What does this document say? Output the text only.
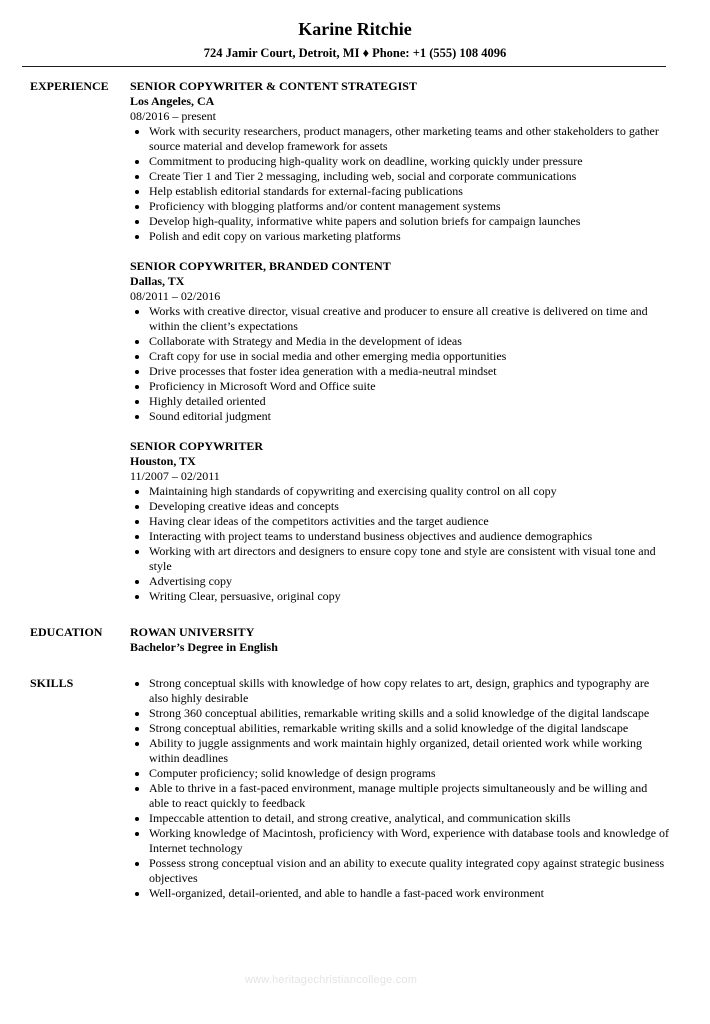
Karine Ritchie
724 Jamir Court, Detroit, MI ♦ Phone: +1 (555) 108 4096
EXPERIENCE	SENIOR COPYWRITER & CONTENT STRATEGIST
Los Angeles, CA
08/2016 – present
• Work with security researchers, product managers, other marketing teams and other stakeholders to gather source material and develop framework for assets
• Commitment to producing high-quality work on deadline, working quickly under pressure
• Create Tier 1 and Tier 2 messaging, including web, social and corporate communications
• Help establish editorial standards for external-facing publications
• Proficiency with blogging platforms and/or content management systems
• Develop high-quality, informative white papers and solution briefs for campaign launches
• Polish and edit copy on various marketing platforms
SENIOR COPYWRITER, BRANDED CONTENT
Dallas, TX
08/2011 – 02/2016
• Works with creative director, visual creative and producer to ensure all creative is delivered on time and within the client’s expectations
• Collaborate with Strategy and Media in the development of ideas
• Craft copy for use in social media and other emerging media opportunities
• Drive processes that foster idea generation with a media-neutral mindset
• Proficiency in Microsoft Word and Office suite
• Highly detailed oriented
• Sound editorial judgment
SENIOR COPYWRITER
Houston, TX
11/2007 – 02/2011
• Maintaining high standards of copywriting and exercising quality control on all copy
• Developing creative ideas and concepts
• Having clear ideas of the competitors activities and the target audience
• Interacting with project teams to understand business objectives and audience demographics
• Working with art directors and designers to ensure copy tone and style are consistent with visual tone and style
• Advertising copy
• Writing Clear, persuasive, original copy
EDUCATION	ROWAN UNIVERSITY
Bachelor’s Degree in English
SKILLS
•	Strong conceptual skills with knowledge of how copy relates to art, design, graphics and typography are also highly desirable
• Strong 360 conceptual abilities, remarkable writing skills and a solid knowledge of the digital landscape
• Strong conceptual abilities, remarkable writing skills and a solid knowledge of the digital landscape
• Ability to juggle assignments and work maintain highly organized, detail oriented work while working within deadlines
• Computer proficiency; solid knowledge of design programs
• Able to thrive in a fast-paced environment, manage multiple projects simultaneously and be willing and able to react quickly to feedback
• Impeccable attention to detail, and strong creative, analytical, and communication skills
• Working knowledge of Macintosh, proficiency with Word, experience with database tools and knowledge of Internet technology
• Possess strong conceptual vision and an ability to execute quality integrated copy against strategic business objectives
• Well-organized, detail-oriented, and able to handle a fast-paced work environment
www.heritagechristiancollege.com
